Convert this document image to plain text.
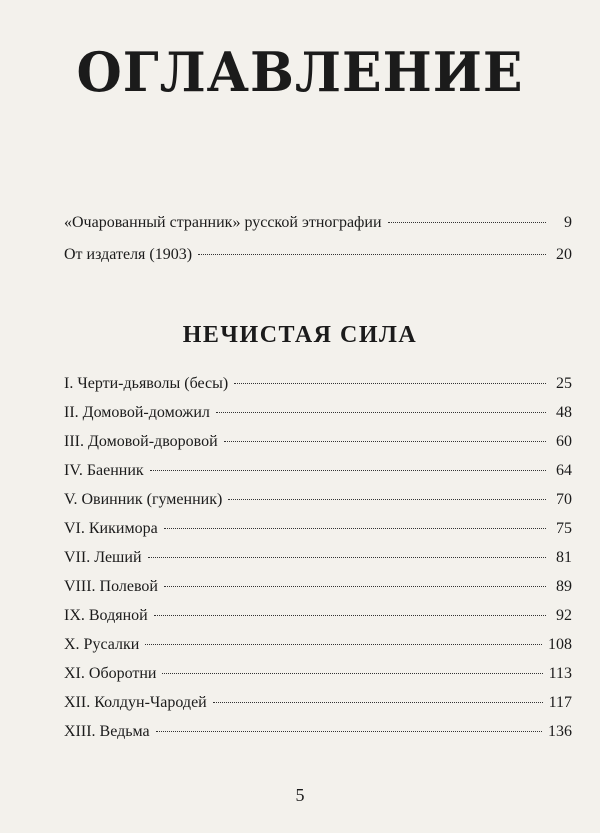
ОГЛАВЛЕНИЕ
«Очарованный странник» русской этнографии	9
От издателя (1903)	20
НЕЧИСТАЯ СИЛА
I. Черти-дьяволы (бесы)	25
II. Домовой-доможил	48
III. Домовой-дворовой	60
IV. Баенник	64
V. Овинник (гуменник)	70
VI. Кикимора	75
VII. Леший	81
VIII. Полевой	89
IX. Водяной	92
X. Русалки	108
XI. Оборотни	113
XII. Колдун-Чародей	117
XIII. Ведьма	136
5
